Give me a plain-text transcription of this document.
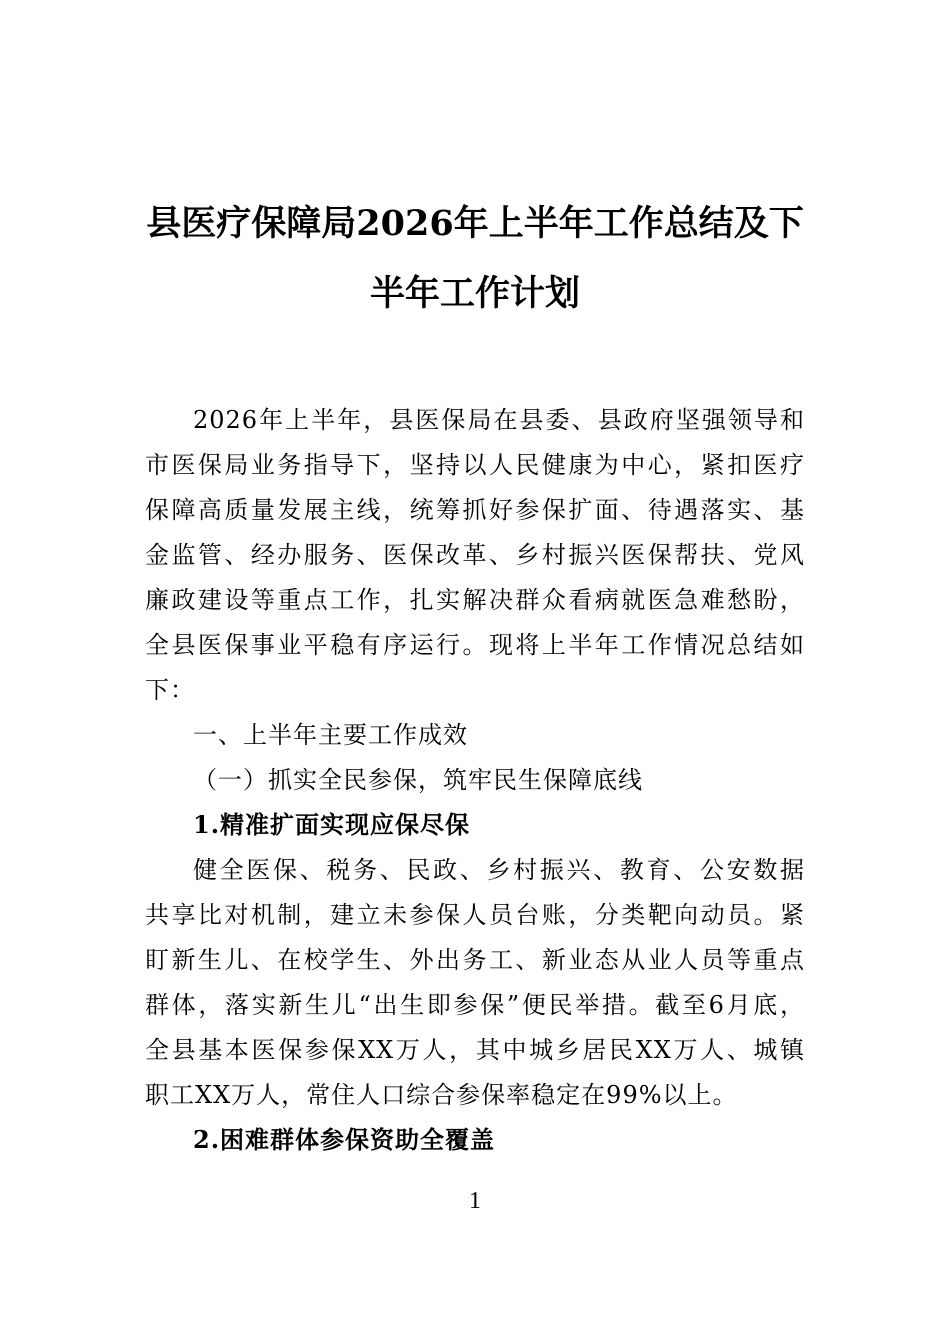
县医疗保障局2026年上半年工作总结及下
半年工作计划
2026年上半年，县医保局在县委、县政府坚强领导和
市医保局业务指导下，坚持以人民健康为中心，紧扣医疗
保障高质量发展主线，统筹抓好参保扩面、待遇落实、基
金监管、经办服务、医保改革、乡村振兴医保帮扶、党风
廉政建设等重点工作，扎实解决群众看病就医急难愁盼，
全县医保事业平稳有序运行。现将上半年工作情况总结如
下：
一、上半年主要工作成效
（一）抓实全民参保，筑牢民生保障底线
1.精准扩面实现应保尽保
健全医保、税务、民政、乡村振兴、教育、公安数据
共享比对机制，建立未参保人员台账，分类靶向动员。紧
盯新生儿、在校学生、外出务工、新业态从业人员等重点
群体，落实新生儿“出生即参保”便民举措。截至6月底，
全县基本医保参保XX万人，其中城乡居民XX万人、城镇
职工XX万人，常住人口综合参保率稳定在99%以上。
2.困难群体参保资助全覆盖
1
